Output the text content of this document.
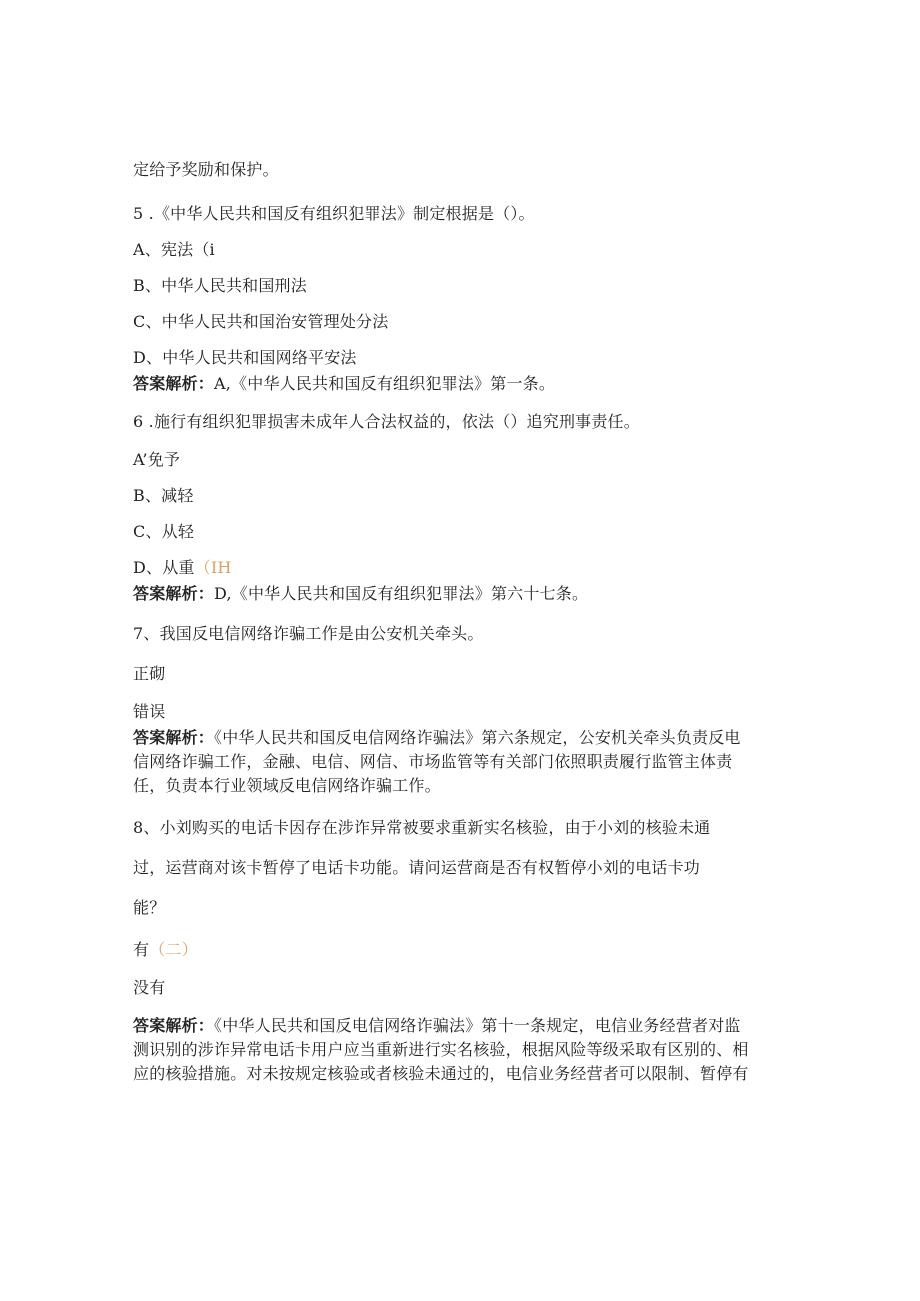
定给予奖励和保护。
5 .《中华人民共和国反有组织犯罪法》制定根据是（）。
A、宪法（i
B、中华人民共和国刑法
C、中华人民共和国治安管理处分法
D、中华人民共和国网络平安法
答案解析：A,《中华人民共和国反有组织犯罪法》第一条。
6 .施行有组织犯罪损害未成年人合法权益的，依法（）追究刑事责任。
A’免予
B、减轻
C、从轻
D、从重（IH
答案解析：D,《中华人民共和国反有组织犯罪法》第六十七条。
7、我国反电信网络诈骗工作是由公安机关牵头。
正砌
错误
答案解析：《中华人民共和国反电信网络诈骗法》第六条规定，公安机关牵头负责反电
信网络诈骗工作，金融、电信、网信、市场监管等有关部门依照职责履行监管主体责
任，负责本行业领域反电信网络诈骗工作。
8、小刘购买的电话卡因存在涉诈异常被要求重新实名核验，由于小刘的核验未通
过，运营商对该卡暂停了电话卡功能。请问运营商是否有权暂停小刘的电话卡功
能？
有（二）
没有
答案解析：《中华人民共和国反电信网络诈骗法》第十一条规定，电信业务经营者对监
测识别的涉诈异常电话卡用户应当重新进行实名核验，根据风险等级采取有区别的、相
应的核验措施。对未按规定核验或者核验未通过的，电信业务经营者可以限制、暂停有
